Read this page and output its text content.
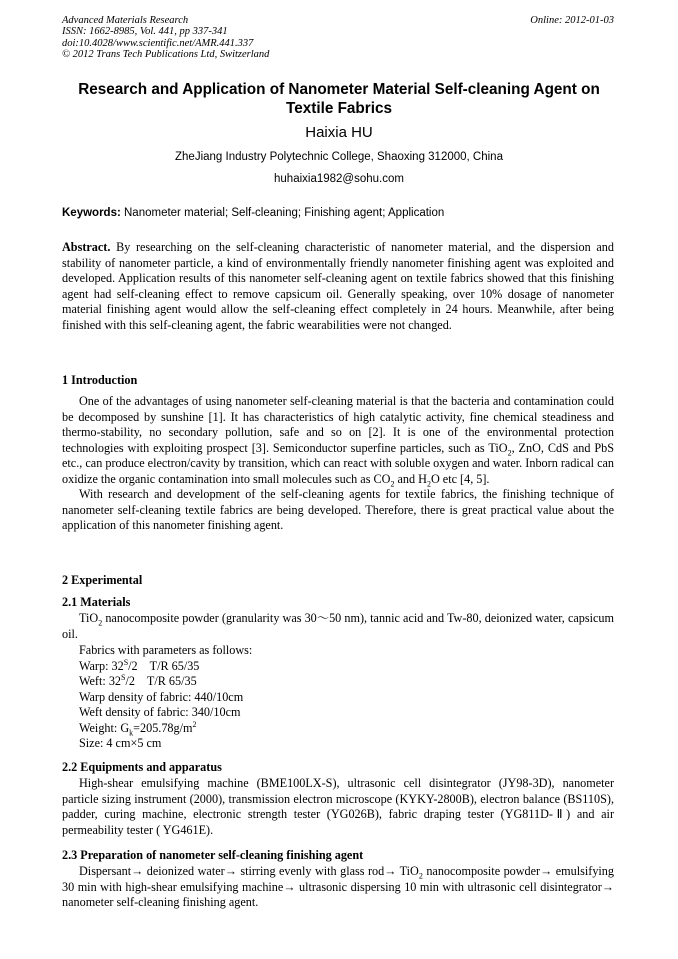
Advanced Materials Research
ISSN: 1662-8985, Vol. 441, pp 337-341
doi:10.4028/www.scientific.net/AMR.441.337
© 2012 Trans Tech Publications Ltd, Switzerland
Online: 2012-01-03
Research and Application of Nanometer Material Self-cleaning Agent on Textile Fabrics
Haixia HU
ZheJiang Industry Polytechnic College, Shaoxing 312000, China
huhaixia1982@sohu.com
Keywords: Nanometer material; Self-cleaning; Finishing agent; Application
Abstract. By researching on the self-cleaning characteristic of nanometer material, and the dispersion and stability of nanometer particle, a kind of environmentally friendly nanometer finishing agent was exploited and developed. Application results of this nanometer self-cleaning agent on textile fabrics showed that this finishing agent had self-cleaning effect to remove capsicum oil. Generally speaking, over 10% dosage of nanometer material finishing agent would allow the self-cleaning effect completely in 24 hours. Meanwhile, after being finished with this self-cleaning agent, the fabric wearabilities were not changed.
1 Introduction

One of the advantages of using nanometer self-cleaning material is that the bacteria and contamination could be decomposed by sunshine [1]. It has characteristics of high catalytic activity, fine chemical steadiness and thermo-stability, no secondary pollution, safe and so on [2]. It is one of the environmental protection technologies with exploiting prospect [3]. Semiconductor superfine particles, such as TiO$_2$, ZnO, CdS and PbS etc., can produce electron/cavity by transition, which can react with soluble oxygen and water. Inborn radical can oxidize the organic contamination into small molecules such as $CO_2$ and $H_2O$ etc [4, 5].

With research and development of the self-cleaning agents for textile fabrics, the finishing technique of nanometer self-cleaning textile fabrics are being developed. Therefore, there is great practical value about the application of this nanometer finishing agent.

2 Experimental
2.1 Materials

TiO$_2$ nanocomposite powder (granularity was 30～50 nm), tannic acid and Tw-80, deionized water, capsicum oil.

Fabrics with parameters as follows:
Warp: $32^S/2$    T/R 65/35
Weft: $32^S/2$    T/R 65/35
Warp density of fabric: 440/10cm
Weft density of fabric: 340/10cm
Weight: $G_k=205.78g/m^2$
Size: 4 cm×5 cm
2.2 Equipments and apparatus

High-shear emulsifying machine (BME100LX-S), ultrasonic cell disintegrator (JY98-3D), nanometer particle sizing instrument (2000), transmission electron microscope (KYKY-2800B), electron balance (BS110S), padder, curing machine, electronic strength tester (YG026B), fabric draping tester (YG811D-Ⅱ) and air permeability tester ( YG461E).

2.3 Preparation of nanometer self-cleaning finishing agent

Dispersant→ deionized water→ stirring evenly with glass rod→ TiO$_2$ nanocomposite powder→ emulsifying 30 min with high-shear emulsifying machine→ ultrasonic dispersing 10 min with ultrasonic cell disintegrator→ nanometer self-cleaning finishing agent.
